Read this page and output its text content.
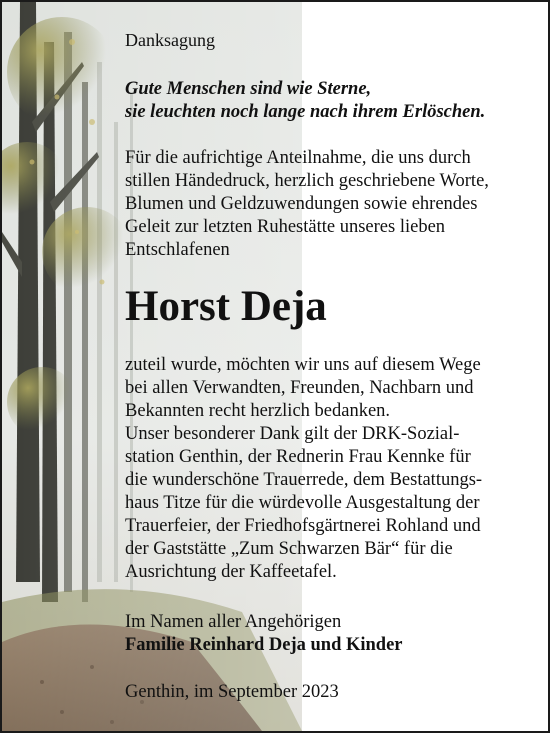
Danksagung
Gute Menschen sind wie Sterne,
sie leuchten noch lange nach ihrem Erlöschen.
Für die aufrichtige Anteilnahme, die uns durch
stillen Händedruck, herzlich geschriebene Worte,
Blumen und Geldzuwendungen sowie ehrendes
Geleit zur letzten Ruhestätte unseres lieben
Entschlafenen
Horst Deja
zuteil wurde, möchten wir uns auf diesem Wege
bei allen Verwandten, Freunden, Nachbarn und
Bekannten recht herzlich bedanken.
Unser besonderer Dank gilt der DRK-Sozial-
station Genthin, der Rednerin Frau Kennke für
die wunderschöne Trauerrede, dem Bestattungs-
haus Titze für die würdevolle Ausgestaltung der
Trauerfeier, der Friedhofsgärtnerei Rohland und
der Gaststätte „Zum Schwarzen Bär“ für die
Ausrichtung der Kaffeetafel.
Im Namen aller Angehörigen
Familie Reinhard Deja und Kinder
Genthin, im September 2023
